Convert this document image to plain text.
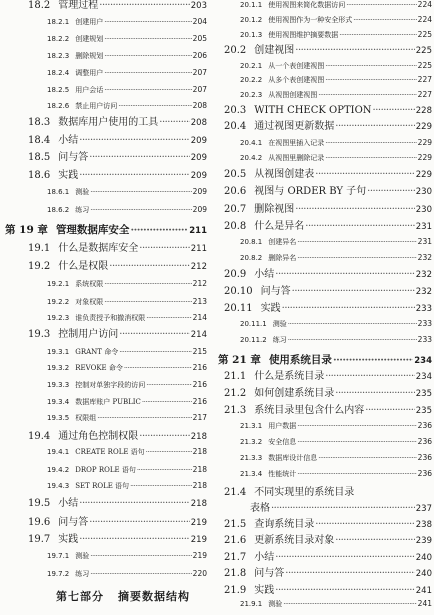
18.2 管理过程 ·····	203
18.2.1 创建用户 ·····	204
18.2.2 创建规划 ·····	205
18.2.3 删除规划 ·····	206
18.2.4 调整用户 ·····	207
18.2.5 用户会话 ·····	207
18.2.6 禁止用户访问 ·····	208
18.3 数据库用户使用的工具 ·····	208
18.4 小结 ·····	209
18.5 问与答 ·····	209
18.6 实践 ·····	209
18.6.1 测验 ·····	209
18.6.2 练习 ·····	209
第 19 章 管理数据库安全 ·····	211
19.1 什么是数据库安全 ·····	211
19.2 什么是权限 ·····	212
19.2.1 系统权限 ·····	212
19.2.2 对象权限 ·····	213
19.2.3 谁负责授予和撤消权限 ·····	214
19.3 控制用户访问 ·····	214
19.3.1 GRANT 命令 ·····	215
19.3.2 REVOKE 命令 ·····	216
19.3.3 控制对单独字段的访问 ·····	216
19.3.4 数据库账户 PUBLIC ·····	216
19.3.5 权限组 ·····	217
19.4 通过角色控制权限 ·····	218
19.4.1 CREATE ROLE 语句 ·····	218
19.4.2 DROP ROLE 语句 ·····	218
19.4.3 SET ROLE 语句 ·····	218
19.5 小结 ·····	218
19.6 问与答 ·····	219
19.7 实践 ·····	219
19.7.1 测验 ·····	219
19.7.2 练习 ·····	220
第七部分 摘要数据结构
20.1.1 使用视图来简化数据访问 ·····	224
20.1.2 使用视图作为一种安全形式 ·····	224
20.1.3 使用视图维护摘要数据 ·····	225
20.2 创建视图 ·····	225
20.2.1 从一个表创建视图 ·····	225
20.2.2 从多个表创建视图 ·····	227
20.2.3 从视图创建视图 ·····	227
20.3 WITH CHECK OPTION ·····	228
20.4 通过视图更新数据 ·····	229
20.4.1 在视图里插入记录 ·····	229
20.4.2 从视图里删除记录 ·····	229
20.5 从视图创建表 ·····	229
20.6 视图与 ORDER BY 子句 ·····	230
20.7 删除视图 ·····	230
20.8 什么是异名 ·····	231
20.8.1 创建异名 ·····	231
20.8.2 删除异名 ·····	232
20.9 小结 ·····	232
20.10 问与答 ·····	232
20.11 实践 ·····	233
20.11.1 测验 ·····	233
20.11.2 练习 ·····	233
第 21 章 使用系统目录 ·····	234
21.1 什么是系统目录 ·····	234
21.2 如何创建系统目录 ·····	235
21.3 系统目录里包含什么内容 ·····	235
21.3.1 用户数据 ·····	236
21.3.2 安全信息 ·····	236
21.3.3 数据库设计信息 ·····	236
21.3.4 性能统计 ·····	236
21.4 不同实现里的系统目录
表格 ·····	237
21.5 查询系统目录 ·····	238
21.6 更新系统目录对象 ·····	239
21.7 小结 ·····	240
21.8 问与答 ·····	240
21.9 实践 ·····	241
21.9.1 测验 ·····	241
